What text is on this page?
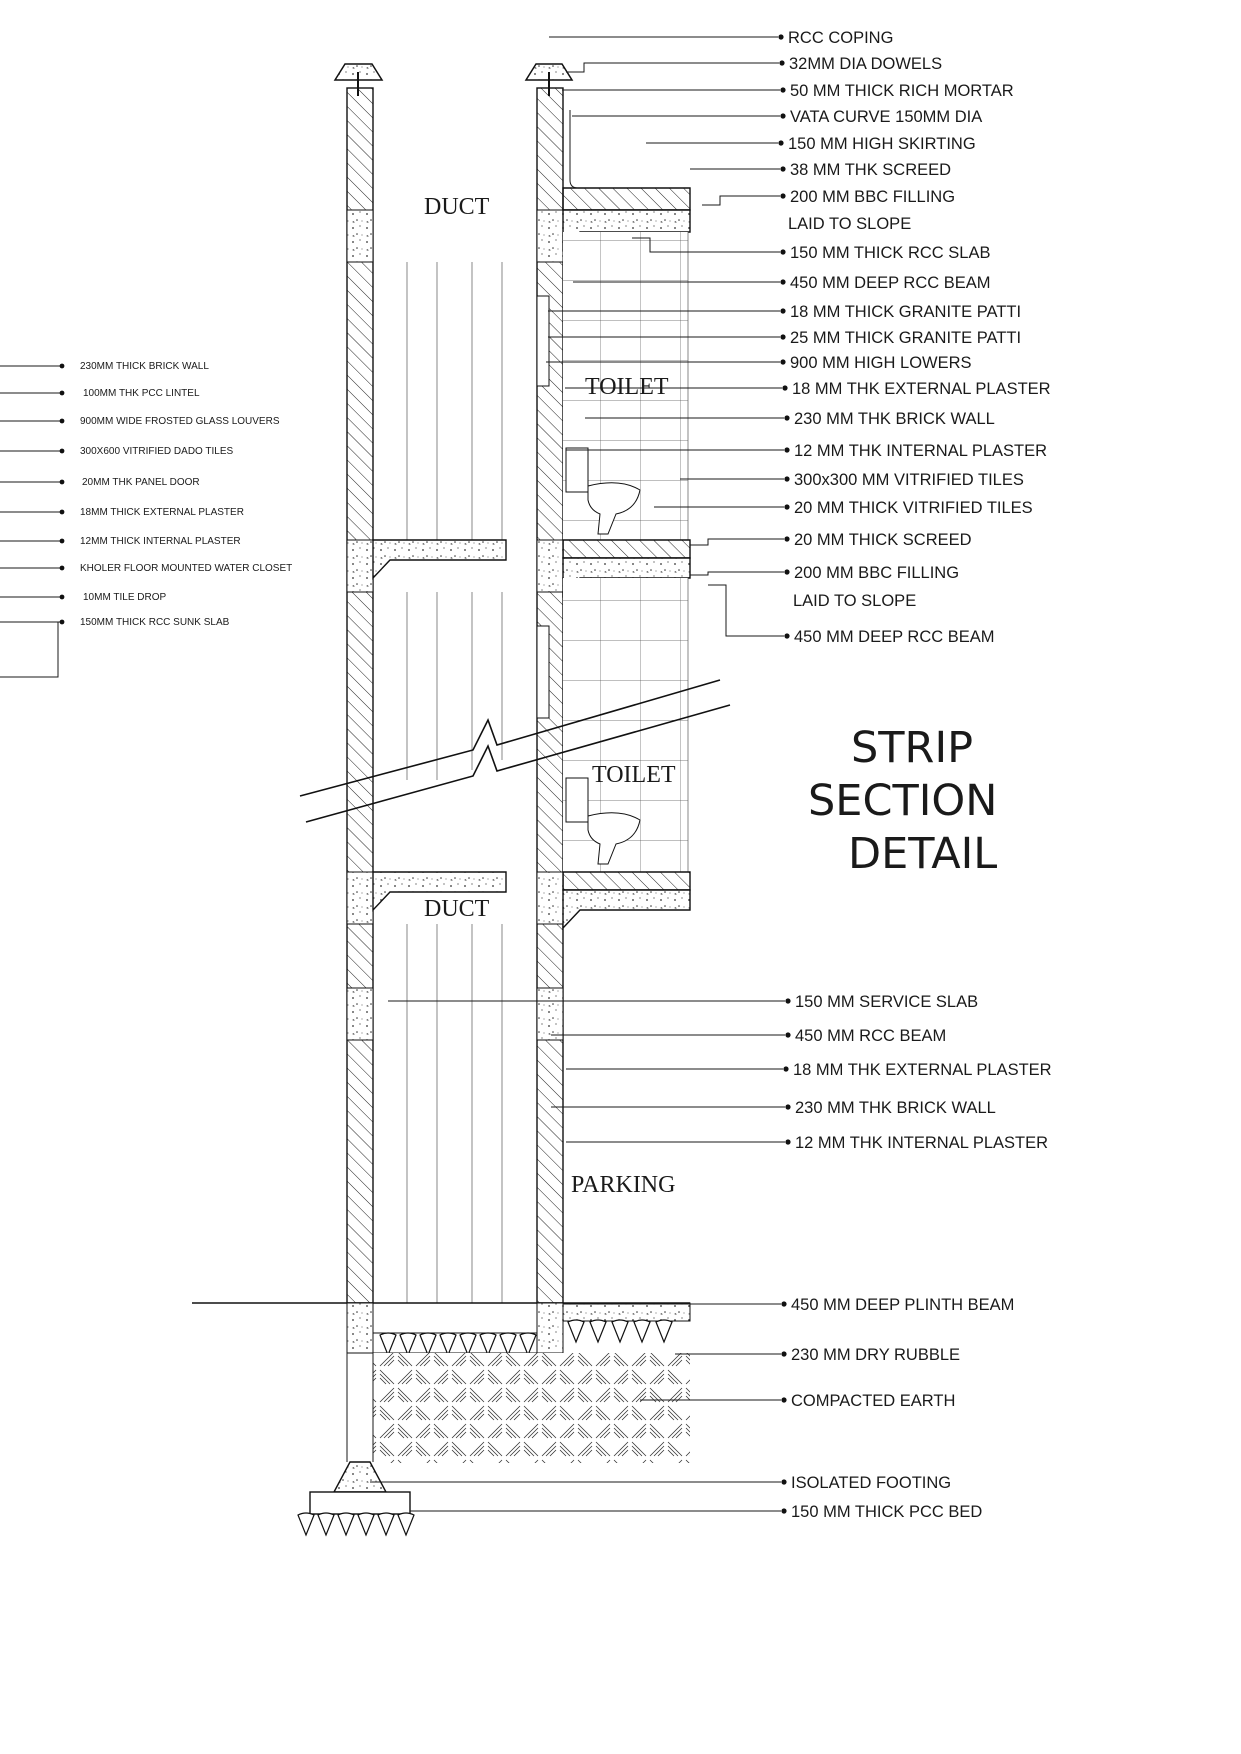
DUCT
TOILET
TOILET
DUCT
PARKING
STRIP
SECTION
DETAIL
RCC COPING
32MM DIA DOWELS
50 MM THICK RICH MORTAR
VATA CURVE 150MM DIA
150 MM HIGH SKIRTING
38 MM THK SCREED
200 MM BBC FILLING
LAID TO SLOPE
150 MM THICK RCC SLAB
450 MM DEEP RCC BEAM
18 MM THICK GRANITE PATTI
25 MM THICK GRANITE PATTI
900 MM HIGH LOWERS
18 MM THK EXTERNAL PLASTER
230 MM THK BRICK WALL
12 MM THK INTERNAL PLASTER
300x300 MM VITRIFIED TILES
20 MM THICK VITRIFIED TILES
20 MM THICK SCREED
200 MM BBC FILLING
LAID TO SLOPE
450 MM DEEP RCC BEAM
150 MM SERVICE SLAB
450 MM RCC BEAM
18 MM THK EXTERNAL PLASTER
230 MM THK BRICK WALL
12 MM THK INTERNAL PLASTER
450 MM DEEP PLINTH BEAM
230 MM DRY RUBBLE
COMPACTED EARTH
ISOLATED FOOTING
150 MM THICK PCC BED
230MM THICK BRICK WALL
100MM THK PCC LINTEL
900MM WIDE FROSTED GLASS LOUVERS
300X600 VITRIFIED DADO TILES
20MM THK PANEL DOOR
18MM THICK EXTERNAL PLASTER
12MM THICK INTERNAL PLASTER
KHOLER FLOOR MOUNTED WATER CLOSET
10MM TILE DROP
150MM THICK RCC SUNK SLAB
